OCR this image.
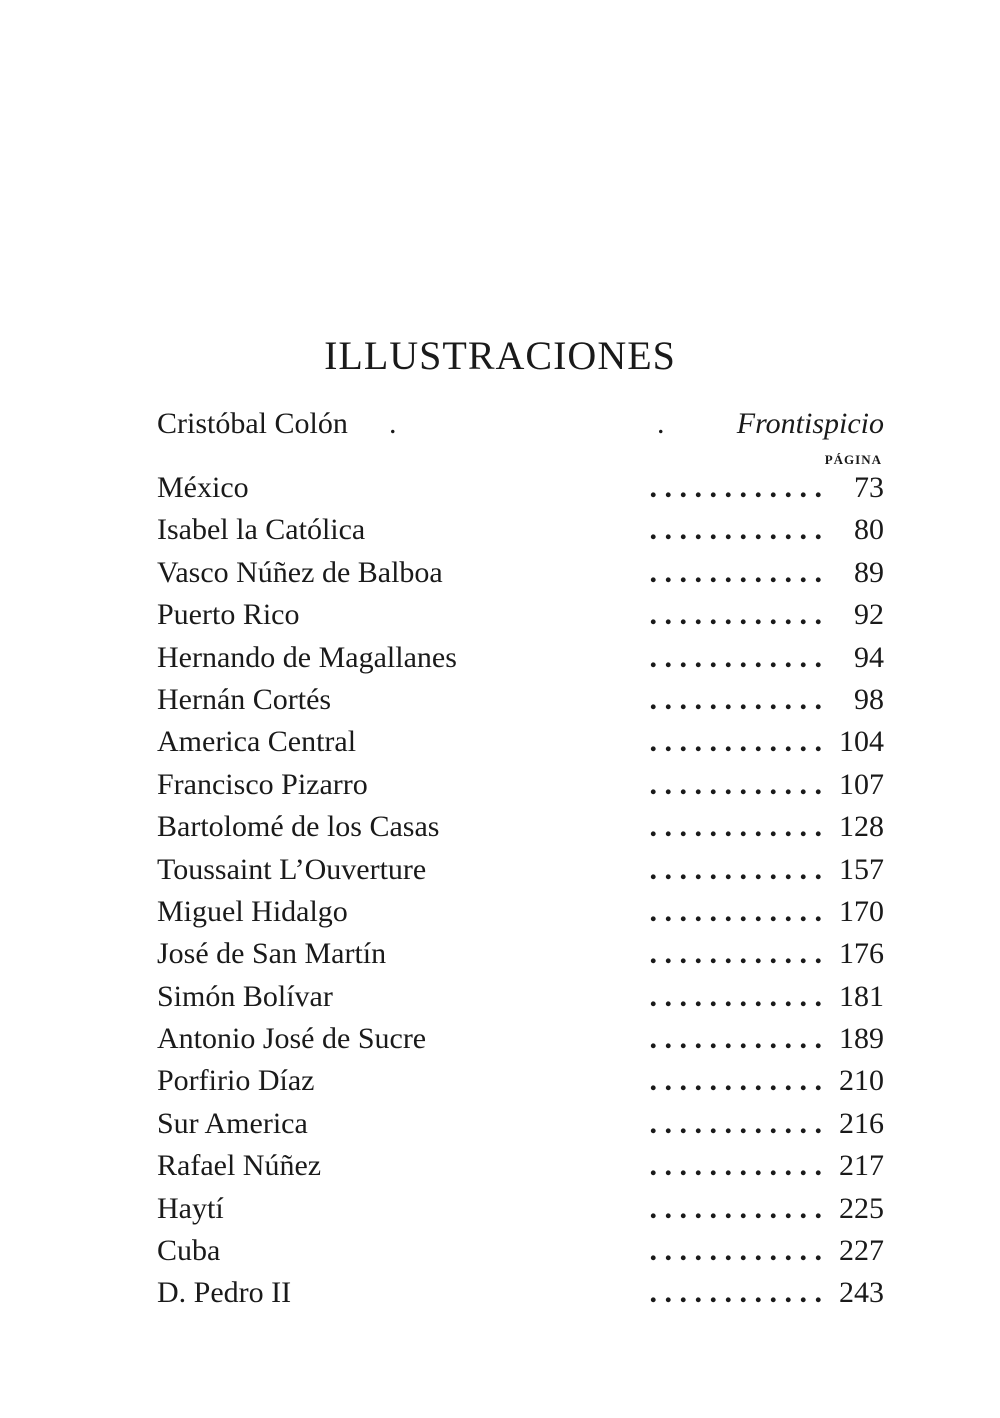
ILLUSTRACIONES
Cristóbal Colón .	. Frontispicio
PÁGINA
. . . . . . . . . . . .
México	73
. . . . . . . . . . . .
Isabel la Católica	80
. . . . . . . . . . . .
Vasco Núñez de Balboa	89
. . . . . . . . . . . .
Puerto Rico	92
. . . . . . . . . . . .
Hernando de Magallanes	94
. . . . . . . . . . . .
Hernán Cortés	98
. . . . . . . . . . . .
America Central	104
. . . . . . . . . . . .
Francisco Pizarro	107
. . . . . . . . . . . .
Bartolomé de los Casas	128
. . . . . . . . . . . .
Toussaint L’Ouverture	157
. . . . . . . . . . . .
Miguel Hidalgo	170
. . . . . . . . . . . .
José de San Martín	176
. . . . . . . . . . . .
Simón Bolívar	181
. . . . . . . . . . . .
Antonio José de Sucre	189
. . . . . . . . . . . .
Porfirio Díaz	210
. . . . . . . . . . . .
Sur America	216
. . . . . . . . . . . .
Rafael Núñez	217
. . . . . . . . . . . .
Haytí	225
. . . . . . . . . . . .
Cuba	227
. . . . . . . . . . . .
D. Pedro II	243
